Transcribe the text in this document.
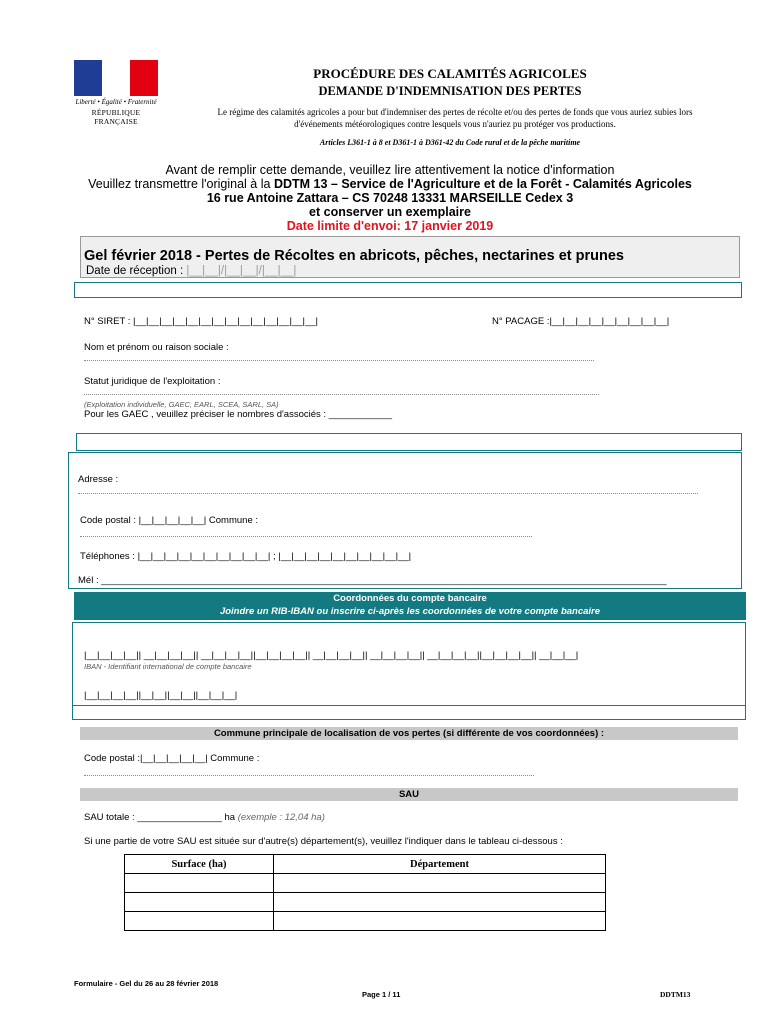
Liberté • Égalité • Fraternité
RÉPUBLIQUE FRANÇAISE
PROCÉDURE DES CALAMITÉS AGRICOLES
DEMANDE D'INDEMNISATION DES PERTES
Le régime des calamités agricoles a pour but d'indemniser des pertes de récolte et/ou des pertes de fonds que vous auriez subies lors
d'événements météorologiques contre lesquels vous n'auriez pu protéger vos productions.
Articles L361-1 à 8 et D361-1 à D361-42 du Code rural et de la pêche maritime
Avant de remplir cette demande, veuillez lire attentivement la notice d'information
Veuillez transmettre l'original à la DDTM 13 – Service de l'Agriculture et de la Forêt - Calamités Agricoles
16 rue Antoine Zattara – CS 70248 13331 MARSEILLE Cedex 3
et conserver un exemplaire
Date limite d'envoi: 17 janvier 2019
Gel février 2018 - Pertes de Récoltes en abricots, pêches, nectarines et prunes
Date de réception : |__|__|/|__|__|/|__|__|
N° SIRET : |__|__|__|__|__|__|__|__|__|__|__|__|__|__|	N° PACAGE :|__|__|__|__|__|__|__|__|__|
Nom et prénom ou raison sociale :
Statut juridique de l'exploitation :
(Exploitation individuelle, GAEC, EARL, SCEA, SARL, SA)
Pour les GAEC , veuillez préciser le nombres d'associés : ____________
Adresse :
Code postal : |__|__|__|__|__| Commune :
Téléphones : |__|__|__|__|__|__|__|__|__|__| ; |__|__|__|__|__|__|__|__|__|__|
Mél : ___________________________________________________________________________________________________________
Coordonnées du compte bancaire
Joindre un RIB-IBAN ou inscrire ci-après les coordonnées de votre compte bancaire
|__|__|__|__|| __|__|__|__|| __|__|__|__||__|__|__|__|| __|__|__|__|| __|__|__|__|| __|__|__|__||__|__|__|__|| __|__|__|
IBAN - Identifiant international de compte bancaire
|__|__|__|__||__|__||__|__||__|__|__|
Commune principale de localisation de vos pertes (si différente de vos coordonnées) :
Code postal :|__|__|__|__|__| Commune :
SAU
SAU totale : ________________ ha (exemple : 12,04 ha)
Si une partie de votre SAU est située sur d'autre(s) département(s), veuillez l'indiquer dans le tableau ci-dessous :
Surface (ha)	Département

Formulaire - Gel du 26 au 28 février 2018
Page 1 / 11	DDTM13
